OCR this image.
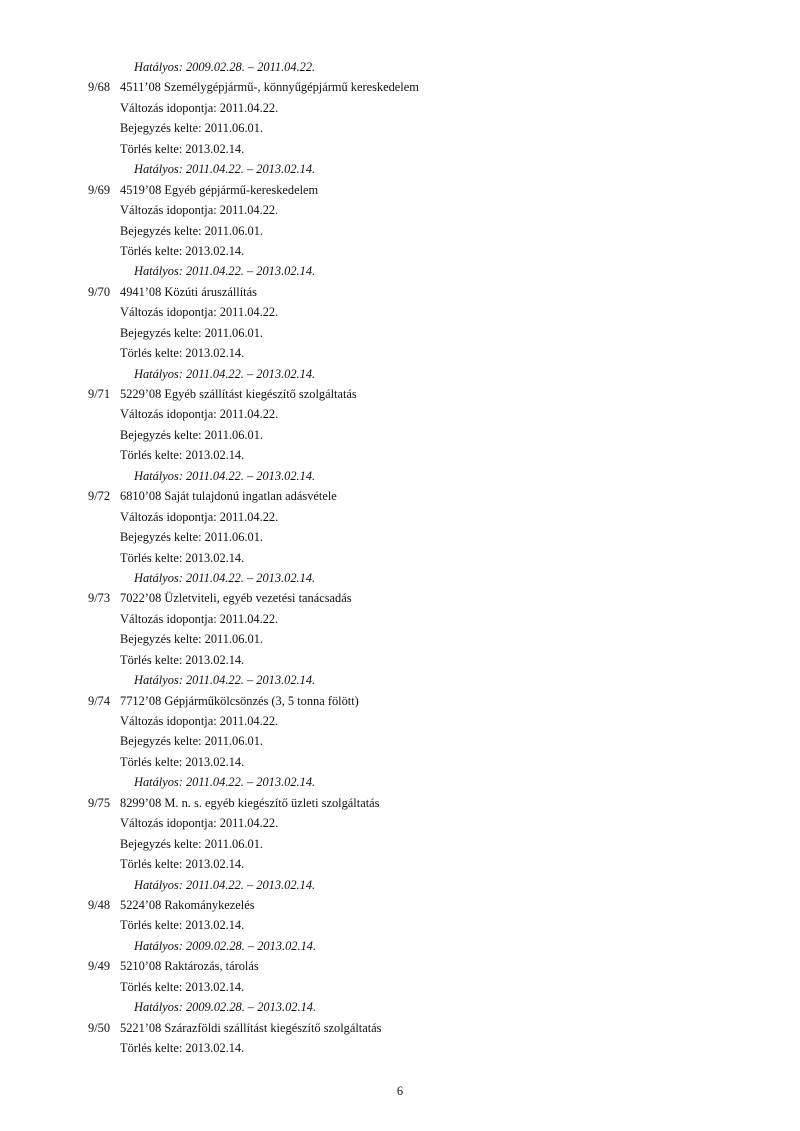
Hatályos: 2009.02.28. – 2011.04.22.
9/68 4511’08 Személygépjármű-, könnyűgépjármű kereskedelem
Változás idopontja: 2011.04.22.
Bejegyzés kelte: 2011.06.01.
Törlés kelte: 2013.02.14.
Hatályos: 2011.04.22. – 2013.02.14.
9/69 4519’08 Egyéb gépjármű-kereskedelem
Változás idopontja: 2011.04.22.
Bejegyzés kelte: 2011.06.01.
Törlés kelte: 2013.02.14.
Hatályos: 2011.04.22. – 2013.02.14.
9/70 4941’08 Közúti áruszállítás
Változás idopontja: 2011.04.22.
Bejegyzés kelte: 2011.06.01.
Törlés kelte: 2013.02.14.
Hatályos: 2011.04.22. – 2013.02.14.
9/71 5229’08 Egyéb szállítást kiegészítő szolgáltatás
Változás idopontja: 2011.04.22.
Bejegyzés kelte: 2011.06.01.
Törlés kelte: 2013.02.14.
Hatályos: 2011.04.22. – 2013.02.14.
9/72 6810’08 Saját tulajdonú ingatlan adásvétele
Változás idopontja: 2011.04.22.
Bejegyzés kelte: 2011.06.01.
Törlés kelte: 2013.02.14.
Hatályos: 2011.04.22. – 2013.02.14.
9/73 7022’08 Üzletviteli, egyéb vezetési tanácsadás
Változás idopontja: 2011.04.22.
Bejegyzés kelte: 2011.06.01.
Törlés kelte: 2013.02.14.
Hatályos: 2011.04.22. – 2013.02.14.
9/74 7712’08 Gépjárműkölcsönzés (3, 5 tonna fölött)
Változás idopontja: 2011.04.22.
Bejegyzés kelte: 2011.06.01.
Törlés kelte: 2013.02.14.
Hatályos: 2011.04.22. – 2013.02.14.
9/75 8299’08 M. n. s. egyéb kiegészítő üzleti szolgáltatás
Változás idopontja: 2011.04.22.
Bejegyzés kelte: 2011.06.01.
Törlés kelte: 2013.02.14.
Hatályos: 2011.04.22. – 2013.02.14.
9/48 5224’08 Rakománykezelés
Törlés kelte: 2013.02.14.
Hatályos: 2009.02.28. – 2013.02.14.
9/49 5210’08 Raktározás, tárolás
Törlés kelte: 2013.02.14.
Hatályos: 2009.02.28. – 2013.02.14.
9/50 5221’08 Szárazföldi szállítást kiegészítő szolgáltatás
Törlés kelte: 2013.02.14.
6
